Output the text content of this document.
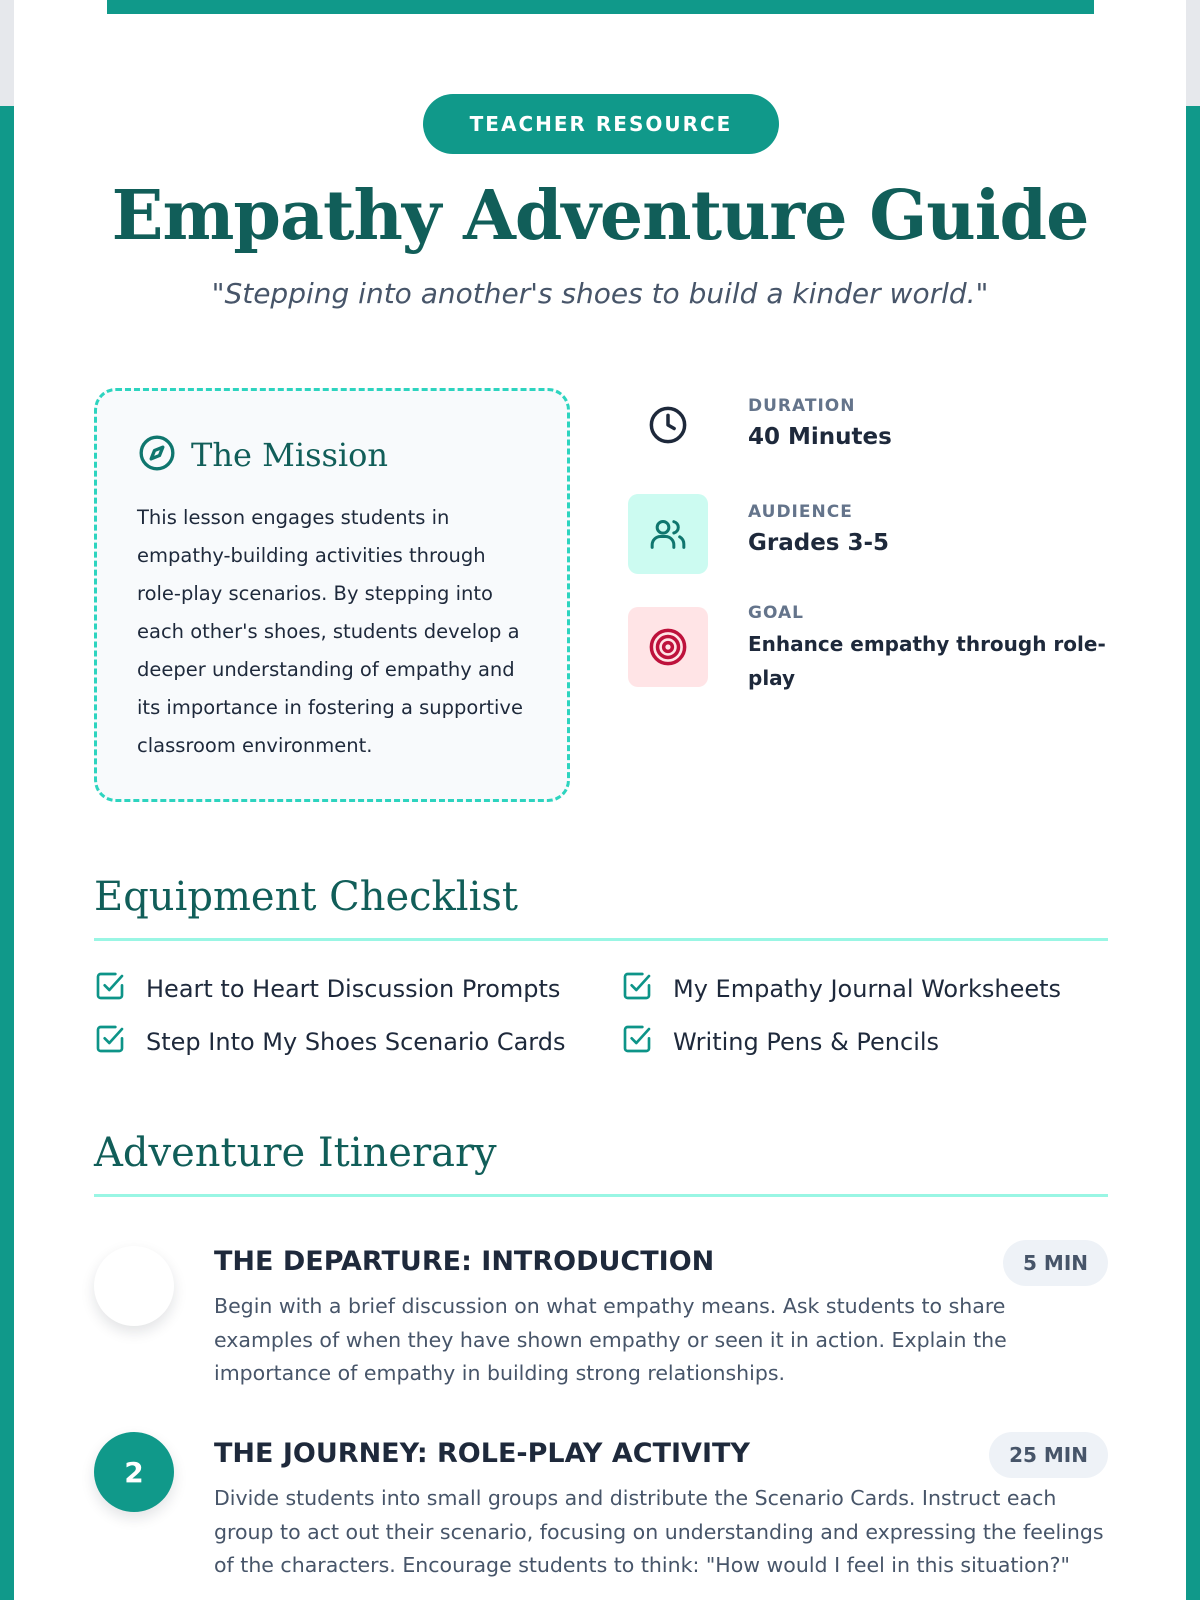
TEACHER RESOURCE
Empathy Adventure Guide

"Stepping into another's shoes to build a kinder world."

The Mission

This lesson engages students in empathy-building activities through role-play scenarios. By stepping into each other's shoes, students develop a deeper understanding of empathy and its importance in fostering a supportive classroom environment.

DURATION
40 Minutes
AUDIENCE
Grades 3-5
GOAL
Enhance empathy through role-play
Equipment Checklist
Heart to Heart Discussion Prompts	My Empathy Journal Worksheets
Step Into My Shoes Scenario Cards	Writing Pens & Pencils
Adventure Itinerary
1
THE DEPARTURE: INTRODUCTION	5 MIN

Begin with a brief discussion on what empathy means. Ask students to share examples of when they have shown empathy or seen it in action. Explain the importance of empathy in building strong relationships.

2
THE JOURNEY: ROLE-PLAY ACTIVITY	25 MIN

Divide students into small groups and distribute the Scenario Cards. Instruct each group to act out their scenario, focusing on understanding and expressing the feelings of the characters. Encourage students to think: "How would I feel in this situation?"
